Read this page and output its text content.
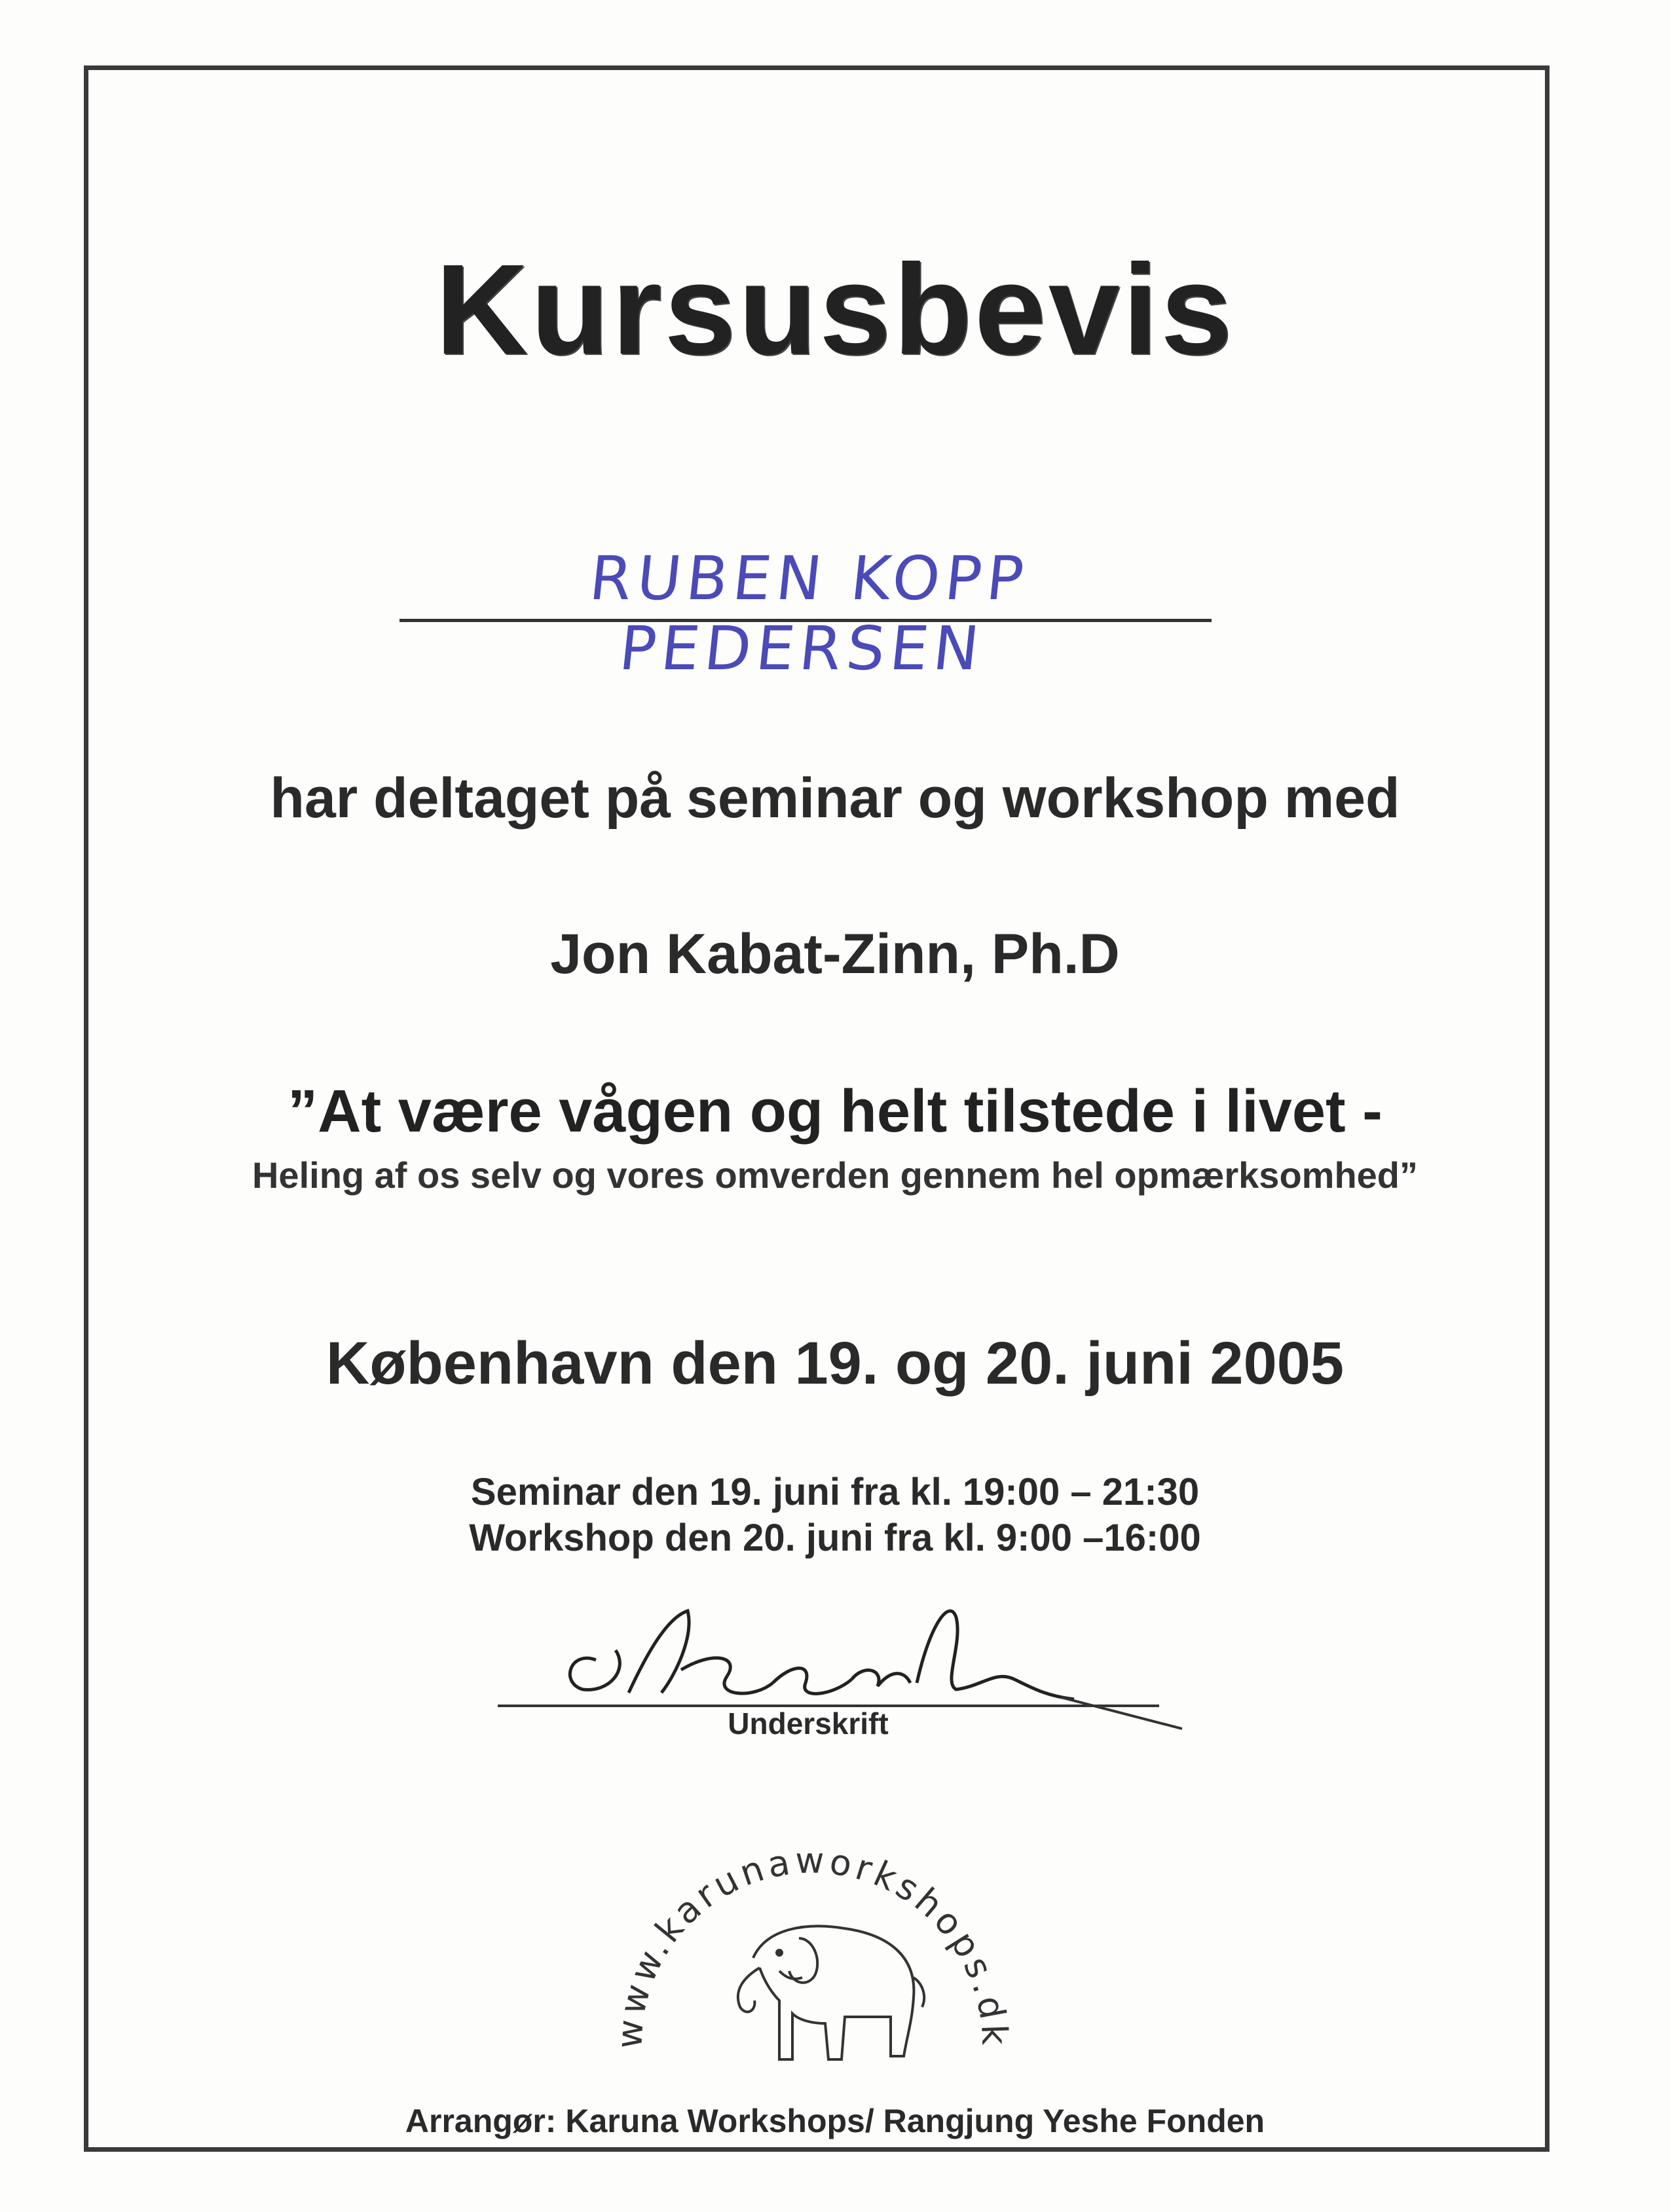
Kursusbevis
RUBEN KOPP PEDERSEN
har deltaget på seminar og workshop med
Jon Kabat-Zinn, Ph.D
”At være vågen og helt tilstede i livet -
Heling af os selv og vores omverden gennem hel opmærksomhed”
København den 19. og 20. juni 2005
Seminar den 19. juni fra kl. 19:00 – 21:30
Workshop den 20. juni fra kl. 9:00 –16:00
Underskrift
www.karunaworkshops.dk
Arrangør: Karuna Workshops/ Rangjung Yeshe Fonden
